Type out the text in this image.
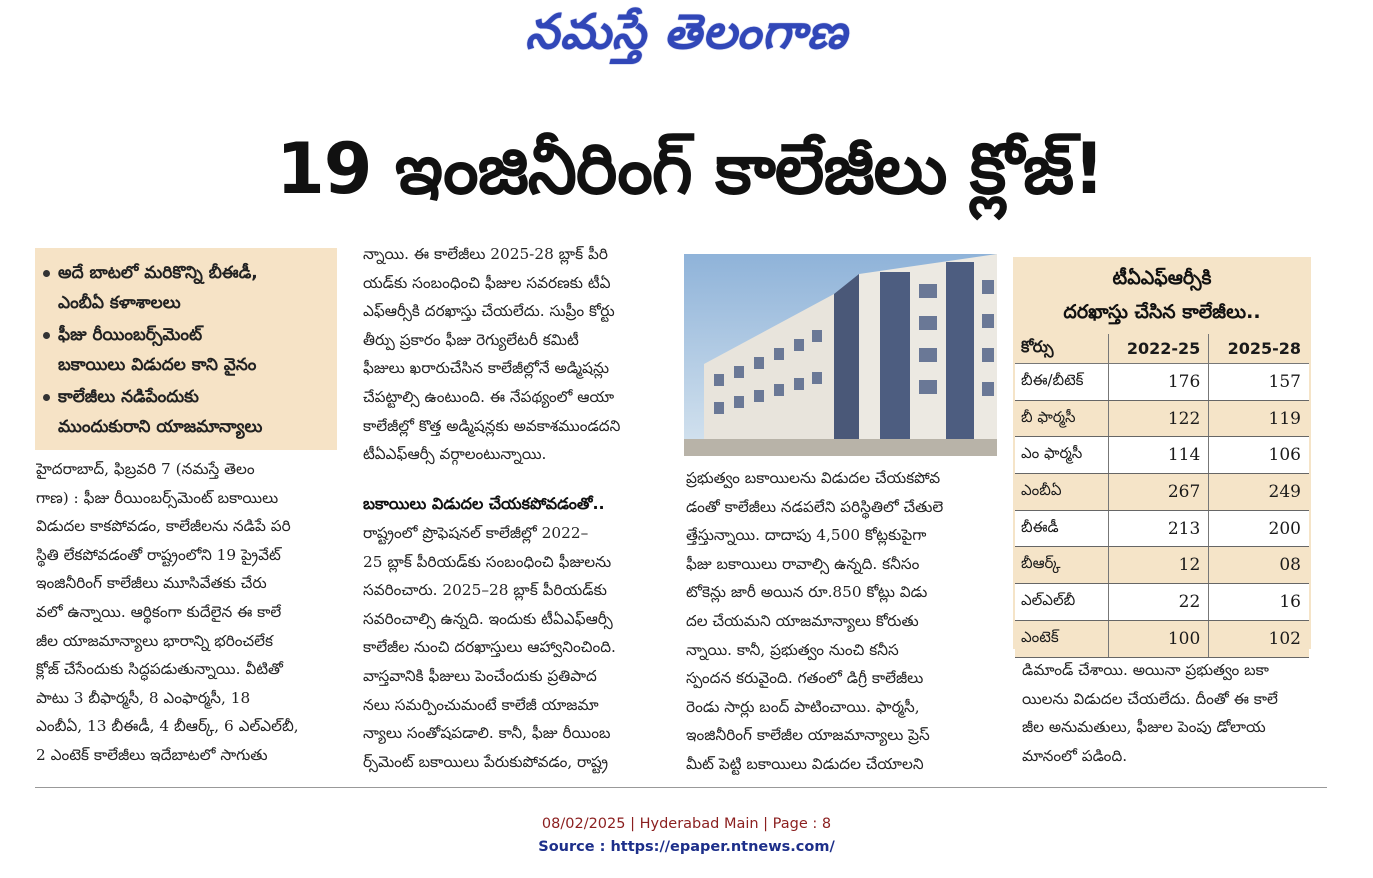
నమస్తే తెలంగాణ
19 ఇంజినీరింగ్ కాలేజీలు క్లోజ్!
అదే బాటలో మరికొన్ని బీఈడీ,
ఎంబీఏ కళాశాలలు
ఫీజు రీయింబర్స్‌మెంట్
బకాయిలు విడుదల కాని వైనం
కాలేజీలు నడిపేందుకు
ముందుకురాని యాజమాన్యాలు
హైదరాబాద్, ఫిబ్రవరి 7 (నమస్తే తెలం
గాణ) : ఫీజు రీయింబర్స్‌మెంట్ బకాయిలు
విడుదల కాకపోవడం, కాలేజీలను నడిపే పరి
స్థితి లేకపోవడంతో రాష్ట్రంలోని 19 ప్రైవేట్
ఇంజినీరింగ్ కాలేజీలు మూసివేతకు చేరు
వలో ఉన్నాయి. ఆర్థికంగా కుదేలైన ఈ కాలే
జీల యాజమాన్యాలు భారాన్ని భరించలేక
క్లోజ్ చేసేందుకు సిద్ధపడుతున్నాయి. వీటితో
పాటు 3 బీఫార్మసీ, 8 ఎంఫార్మసీ, 18
ఎంబీఏ, 13 బీఈడీ, 4 బీఆర్క్, 6 ఎల్‌ఎల్‌బీ,
2 ఎంటెక్ కాలేజీలు ఇదేబాటలో సాగుతు
న్నాయి. ఈ కాలేజీలు 2025-28 బ్లాక్ పీరి
యడ్‌కు సంబంధించి ఫీజుల సవరణకు టీఏ
ఎఫ్‌ఆర్సీకి దరఖాస్తు చేయలేదు. సుప్రీం కోర్టు
తీర్పు ప్రకారం ఫీజు రెగ్యులేటరీ కమిటీ
ఫీజులు ఖరారుచేసిన కాలేజీల్లోనే అడ్మిషన్లు
చేపట్టాల్సి ఉంటుంది. ఈ నేపథ్యంలో ఆయా
కాలేజీల్లో కొత్త అడ్మిషన్లకు అవకాశముండదని
టీఏఎఫ్‌ఆర్సీ వర్గాలంటున్నాయి.
బకాయిలు విడుదల చేయకపోవడంతో..
రాష్ట్రంలో ప్రొఫెషనల్ కాలేజీల్లో 2022–
25 బ్లాక్ పీరియడ్‌కు సంబంధించి ఫీజులను
సవరించారు. 2025–28 బ్లాక్ పీరియడ్‌కు
సవరించాల్సి ఉన్నది. ఇందుకు టీఏఎఫ్‌ఆర్సీ
కాలేజీల నుంచి దరఖాస్తులు ఆహ్వానించింది.
వాస్తవానికి ఫీజులు పెంచేందుకు ప్రతిపాద
నలు సమర్పించుమంటే కాలేజీ యాజమా
న్యాలు సంతోషపడాలి. కానీ, ఫీజు రీయింబ
ర్స్‌మెంట్ బకాయిలు పేరుకుపోవడం, రాష్ట్ర
ప్రభుత్వం బకాయిలను విడుదల చేయకపోవ
డంతో కాలేజీలు నడపలేని పరిస్థితిలో చేతులె
త్తేస్తున్నాయి. దాదాపు 4,500 కోట్లకుపైగా
ఫీజు బకాయిలు రావాల్సి ఉన్నది. కనీసం
టోకెన్లు జారీ అయిన రూ.850 కోట్లు విడు
దల చేయమని యాజమాన్యాలు కోరుతు
న్నాయి. కానీ, ప్రభుత్వం నుంచి కనీస
స్పందన కరువైంది. గతంలో డిగ్రీ కాలేజీలు
రెండు సార్లు బంద్ పాటించాయి. ఫార్మసీ,
ఇంజినీరింగ్ కాలేజీల యాజమాన్యాలు ప్రెస్
మీట్ పెట్టి బకాయిలు విడుదల చేయాలని
టీఏఎఫ్‌ఆర్సీకి
దరఖాస్తు చేసిన కాలేజీలు..
కోర్సు	2022-25	2025-28
బీఈ/బీటెక్	176	157
బీ ఫార్మసీ	122	119
ఎం ఫార్మసీ	114	106
ఎంబీఏ	267	249
బీఈడీ	213	200
బీఆర్క్	12	08
ఎల్‌ఎల్‌బీ	22	16
ఎంటెక్	100	102
డిమాండ్ చేశాయి. అయినా ప్రభుత్వం బకా
యిలను విడుదల చేయలేదు. దీంతో ఈ కాలే
జీల అనుమతులు, ఫీజుల పెంపు డోలాయ
మానంలో పడింది.
08/02/2025 | Hyderabad Main | Page : 8
Source : https://epaper.ntnews.com/
